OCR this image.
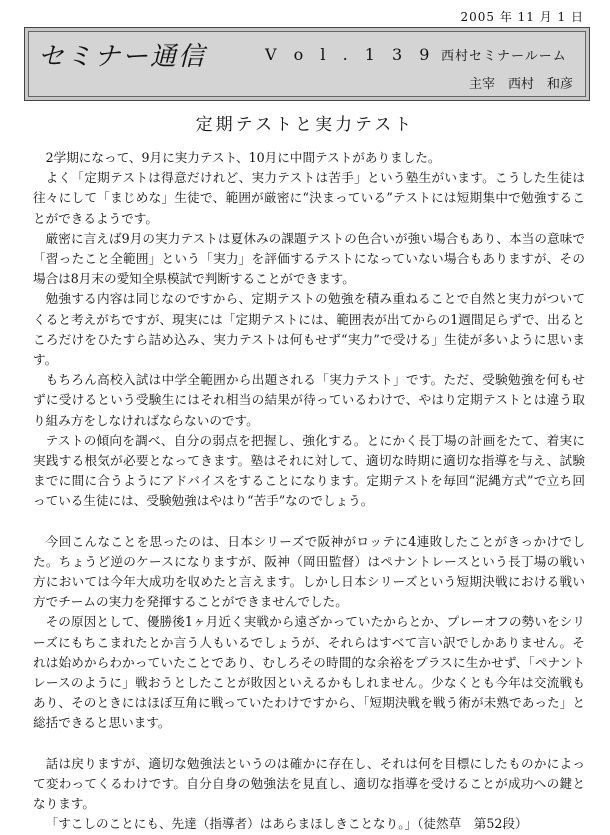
2005 年 11 月 1 日
セミナー通信	V o l . 1 3 9 西村セミナールーム
主宰　西村　和彦
定期テストと実力テスト

2学期になって、9月に実力テスト、10月に中間テストがありました。

よく「定期テストは得意だけれど、実力テストは苦手」という塾生がいます。こうした生徒は往々にして「まじめな」生徒で、範囲が厳密に“決まっている”テストには短期集中で勉強することができるようです。

厳密に言えば9月の実力テストは夏休みの課題テストの色合いが強い場合もあり、本当の意味で「習ったこと全範囲」という「実力」を評価するテストになっていない場合もありますが、その場合は8月末の愛知全県模試で判断することができます。

勉強する内容は同じなのですから、定期テストの勉強を積み重ねることで自然と実力がついてくると考えがちですが、現実には「定期テストには、範囲表が出てからの1週間足らずで、出るところだけをひたすら詰め込み、実力テストは何もせず“実力”で受ける」生徒が多いように思います。

もちろん高校入試は中学全範囲から出題される「実力テスト」です。ただ、受験勉強を何もせずに受けるという受験生にはそれ相当の結果が待っているわけで、やはり定期テストとは違う取り組み方をしなければならないのです。

テストの傾向を調べ、自分の弱点を把握し、強化する。とにかく長丁場の計画をたて、着実に実践する根気が必要となってきます。塾はそれに対して、適切な時期に適切な指導を与え、試験までに間に合うようにアドバイスをすることになります。定期テストを毎回“泥縄方式”で立ち回っている生徒には、受験勉強はやはり“苦手”なのでしょう。

今回こんなことを思ったのは、日本シリーズで阪神がロッテに4連敗したことがきっかけでした。ちょうど逆のケースになりますが、阪神（岡田監督）はペナントレースという長丁場の戦い方においては今年大成功を収めたと言えます。しかし日本シリーズという短期決戦における戦い方でチームの実力を発揮することができませんでした。

その原因として、優勝後1ヶ月近く実戦から遠ざかっていたからとか、プレーオフの勢いをシリーズにもちこまれたとか言う人もいるでしょうが、それらはすべて言い訳でしかありません。それは始めからわかっていたことであり、むしろその時間的な余裕をプラスに生かせず、「ペナントレースのように」戦おうとしたことが敗因といえるかもしれません。少なくとも今年は交流戦もあり、そのときにはほぼ互角に戦っていたわけですから、「短期決戦を戦う術が未熟であった」と総括できると思います。

話は戻りますが、適切な勉強法というのは確かに存在し、それは何を目標にしたものかによって変わってくるわけです。自分自身の勉強法を見直し、適切な指導を受けることが成功への鍵となります。

「すこしのことにも、先達（指導者）はあらまほしきことなり。」（徒然草　第52段）
